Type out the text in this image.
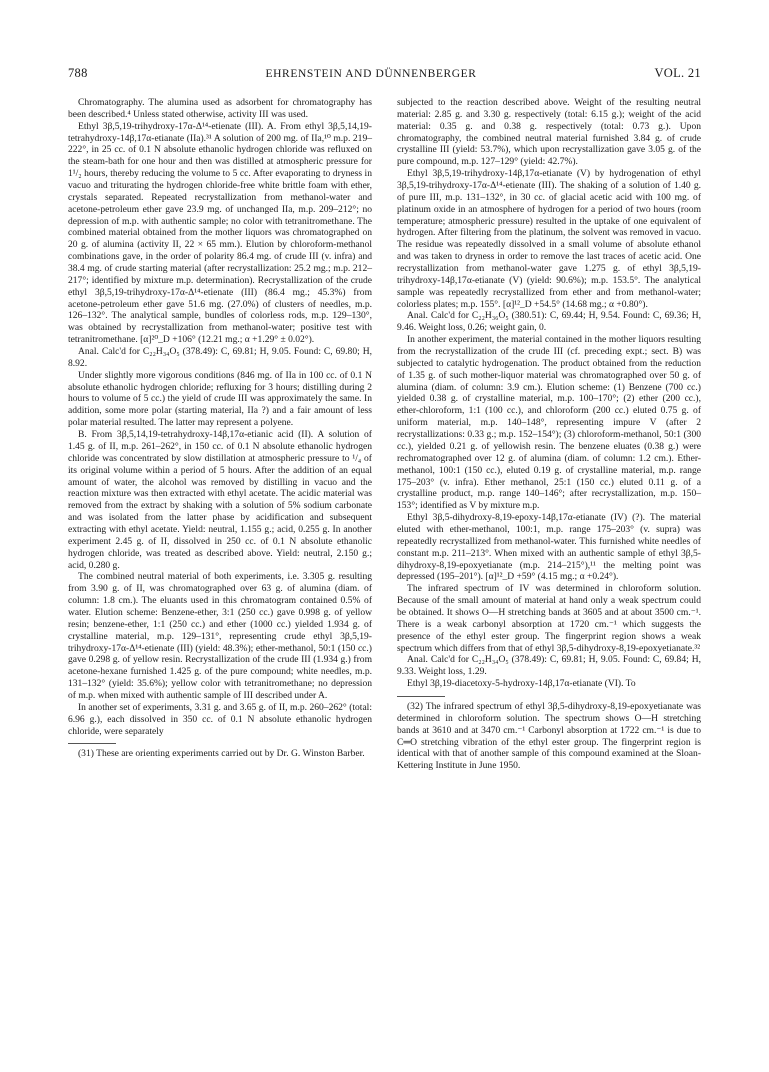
788	EHRENSTEIN AND DÜNNENBERGER	VOL. 21

Chromatography. The alumina used as adsorbent for chromatography has been described.⁴ Unless stated otherwise, activity III was used.

Ethyl 3β,5,19-trihydroxy-17α-Δ¹⁴-etienate (III). A. From ethyl 3β,5,14,19-tetrahydroxy-14β,17α-etianate (IIa).³¹ A solution of 200 mg. of IIa,¹⁰ m.p. 219–222°, in 25 cc. of 0.1 N absolute ethanolic hydrogen chloride was refluxed on the steam-bath for one hour and then was distilled at atmospheric pressure for 1¹/₂ hours, thereby reducing the volume to 5 cc. After evaporating to dryness in vacuo and triturating the hydrogen chloride-free white brittle foam with ether, crystals separated. Repeated recrystallization from methanol-water and acetone-petroleum ether gave 23.9 mg. of unchanged IIa, m.p. 209–212°; no depression of m.p. with authentic sample; no color with tetranitromethane. The combined material obtained from the mother liquors was chromatographed on 20 g. of alumina (activity II, 22 × 65 mm.). Elution by chloroform-methanol combinations gave, in the order of polarity 86.4 mg. of crude III (v. infra) and 38.4 mg. of crude starting material (after recrystallization: 25.2 mg.; m.p. 212–217°; identified by mixture m.p. determination). Recrystallization of the crude ethyl 3β,5,19-trihydroxy-17α-Δ¹⁴-etienate (III) (86.4 mg.; 45.3%) from acetone-petroleum ether gave 51.6 mg. (27.0%) of clusters of needles, m.p. 126–132°. The analytical sample, bundles of colorless rods, m.p. 129–130°, was obtained by recrystallization from methanol-water; positive test with tetranitromethane. [α]²⁰_D +106° (12.21 mg.; α +1.29° ± 0.02°).

Anal. Calc'd for C₂₂H₃₄O₅ (378.49): C, 69.81; H, 9.05. Found: C, 69.80; H, 8.92.

Under slightly more vigorous conditions (846 mg. of IIa in 100 cc. of 0.1 N absolute ethanolic hydrogen chloride; refluxing for 3 hours; distilling during 2 hours to volume of 5 cc.) the yield of crude III was approximately the same. In addition, some more polar (starting material, IIa ?) and a fair amount of less polar material resulted. The latter may represent a polyene.

B. From 3β,5,14,19-tetrahydroxy-14β,17α-etianic acid (II). A solution of 1.45 g. of II, m.p. 261–262°, in 150 cc. of 0.1 N absolute ethanolic hydrogen chloride was concentrated by slow distillation at atmospheric pressure to ¹/₄ of its original volume within a period of 5 hours. After the addition of an equal amount of water, the alcohol was removed by distilling in vacuo and the reaction mixture was then extracted with ethyl acetate. The acidic material was removed from the extract by shaking with a solution of 5% sodium carbonate and was isolated from the latter phase by acidification and subsequent extracting with ethyl acetate. Yield: neutral, 1.155 g.; acid, 0.255 g. In another experiment 2.45 g. of II, dissolved in 250 cc. of 0.1 N absolute ethanolic hydrogen chloride, was treated as described above. Yield: neutral, 2.150 g.; acid, 0.280 g.

The combined neutral material of both experiments, i.e. 3.305 g. resulting from 3.90 g. of II, was chromatographed over 63 g. of alumina (diam. of column: 1.8 cm.). The eluants used in this chromatogram contained 0.5% of water. Elution scheme: Benzene-ether, 3:1 (250 cc.) gave 0.998 g. of yellow resin; benzene-ether, 1:1 (250 cc.) and ether (1000 cc.) yielded 1.934 g. of crystalline material, m.p. 129–131°, representing crude ethyl 3β,5,19-trihydroxy-17α-Δ¹⁴-etienate (III) (yield: 48.3%); ether-methanol, 50:1 (150 cc.) gave 0.298 g. of yellow resin. Recrystallization of the crude III (1.934 g.) from acetone-hexane furnished 1.425 g. of the pure compound; white needles, m.p. 131–132° (yield: 35.6%); yellow color with tetranitromethane; no depression of m.p. when mixed with authentic sample of III described under A.

In another set of experiments, 3.31 g. and 3.65 g. of II, m.p. 260–262° (total: 6.96 g.), each dissolved in 350 cc. of 0.1 N absolute ethanolic hydrogen chloride, were separately

(31) These are orienting experiments carried out by Dr. G. Winston Barber.

subjected to the reaction described above. Weight of the resulting neutral material: 2.85 g. and 3.30 g. respectively (total: 6.15 g.); weight of the acid material: 0.35 g. and 0.38 g. respectively (total: 0.73 g.). Upon chromatography, the combined neutral material furnished 3.84 g. of crude crystalline III (yield: 53.7%), which upon recrystallization gave 3.05 g. of the pure compound, m.p. 127–129° (yield: 42.7%).

Ethyl 3β,5,19-trihydroxy-14β,17α-etianate (V) by hydrogenation of ethyl 3β,5,19-trihydroxy-17α-Δ¹⁴-etienate (III). The shaking of a solution of 1.40 g. of pure III, m.p. 131–132°, in 30 cc. of glacial acetic acid with 100 mg. of platinum oxide in an atmosphere of hydrogen for a period of two hours (room temperature; atmospheric pressure) resulted in the uptake of one equivalent of hydrogen. After filtering from the platinum, the solvent was removed in vacuo. The residue was repeatedly dissolved in a small volume of absolute ethanol and was taken to dryness in order to remove the last traces of acetic acid. One recrystallization from methanol-water gave 1.275 g. of ethyl 3β,5,19-trihydroxy-14β,17α-etianate (V) (yield: 90.6%); m.p. 153.5°. The analytical sample was repeatedly recrystallized from ether and from methanol-water; colorless plates; m.p. 155°. [α]¹²_D +54.5° (14.68 mg.; α +0.80°).

Anal. Calc'd for C₂₂H₃₆O₅ (380.51): C, 69.44; H, 9.54. Found: C, 69.36; H, 9.46. Weight loss, 0.26; weight gain, 0.

In another experiment, the material contained in the mother liquors resulting from the recrystallization of the crude III (cf. preceding expt.; sect. B) was subjected to catalytic hydrogenation. The product obtained from the reduction of 1.35 g. of such mother-liquor material was chromatographed over 50 g. of alumina (diam. of column: 3.9 cm.). Elution scheme: (1) Benzene (700 cc.) yielded 0.38 g. of crystalline material, m.p. 100–170°; (2) ether (200 cc.), ether-chloroform, 1:1 (100 cc.), and chloroform (200 cc.) eluted 0.75 g. of uniform material, m.p. 140–148°, representing impure V (after 2 recrystallizations: 0.33 g.; m.p. 152–154°); (3) chloroform-methanol, 50:1 (300 cc.), yielded 0.21 g. of yellowish resin. The benzene eluates (0.38 g.) were rechromatographed over 12 g. of alumina (diam. of column: 1.2 cm.). Ether-methanol, 100:1 (150 cc.), eluted 0.19 g. of crystalline material, m.p. range 175–203° (v. infra). Ether methanol, 25:1 (150 cc.) eluted 0.11 g. of a crystalline product, m.p. range 140–146°; after recrystallization, m.p. 150–153°; identified as V by mixture m.p.

Ethyl 3β,5-dihydroxy-8,19-epoxy-14β,17α-etianate (IV) (?). The material eluted with ether-methanol, 100:1, m.p. range 175–203° (v. supra) was repeatedly recrystallized from methanol-water. This furnished white needles of constant m.p. 211–213°. When mixed with an authentic sample of ethyl 3β,5-dihydroxy-8,19-epoxyetianate (m.p. 214–215°),¹¹ the melting point was depressed (195–201°). [α]¹²_D +59° (4.15 mg.; α +0.24°).

The infrared spectrum of IV was determined in chloroform solution. Because of the small amount of material at hand only a weak spectrum could be obtained. It shows O—H stretching bands at 3605 and at about 3500 cm.⁻¹. There is a weak carbonyl absorption at 1720 cm.⁻¹ which suggests the presence of the ethyl ester group. The fingerprint region shows a weak spectrum which differs from that of ethyl 3β,5-dihydroxy-8,19-epoxyetianate.³²

Anal. Calc'd for C₂₂H₃₄O₅ (378.49): C, 69.81; H, 9.05. Found: C, 69.84; H, 9.33. Weight loss, 1.29.

Ethyl 3β,19-diacetoxy-5-hydroxy-14β,17α-etianate (VI). To

(32) The infrared spectrum of ethyl 3β,5-dihydroxy-8,19-epoxyetianate was determined in chloroform solution. The spectrum shows O—H stretching bands at 3610 and at 3470 cm.⁻¹ Carbonyl absorption at 1722 cm.⁻¹ is due to C═O stretching vibration of the ethyl ester group. The fingerprint region is identical with that of another sample of this compound examined at the Sloan-Kettering Institute in June 1950.
